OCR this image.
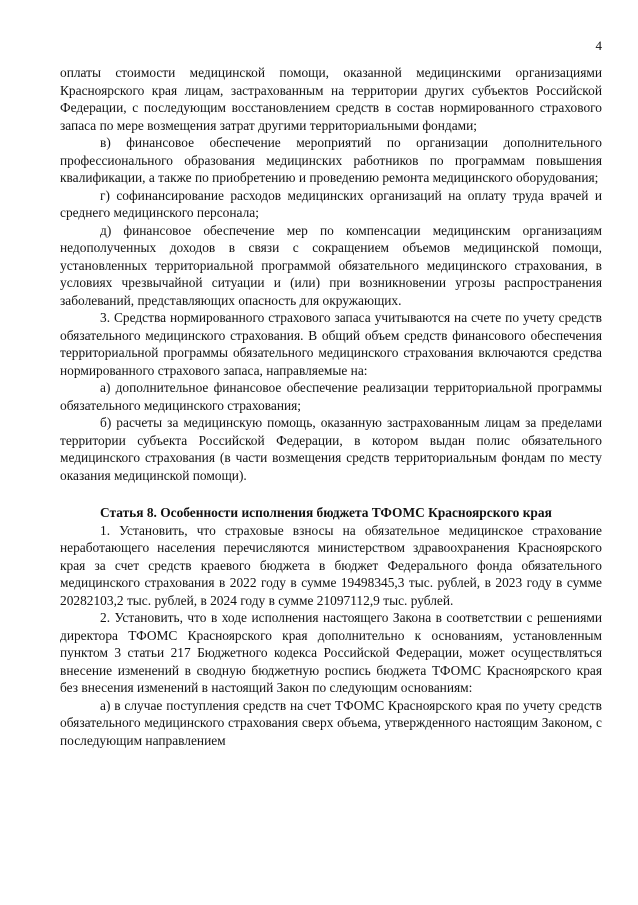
4

оплаты стоимости медицинской помощи, оказанной медицинскими организациями Красноярского края лицам, застрахованным на территории других субъектов Российской Федерации, с последующим восстановлением средств в состав нормированного страхового запаса по мере возмещения затрат другими территориальными фондами;

в) финансовое обеспечение мероприятий по организации дополнительного профессионального образования медицинских работников по программам повышения квалификации, а также по приобретению и проведению ремонта медицинского оборудования;

г) софинансирование расходов медицинских организаций на оплату труда врачей и среднего медицинского персонала;

д) финансовое обеспечение мер по компенсации медицинским организациям недополученных доходов в связи с сокращением объемов медицинской помощи, установленных территориальной программой обязательного медицинского страхования, в условиях чрезвычайной ситуации и (или) при возникновении угрозы распространения заболеваний, представляющих опасность для окружающих.

3. Средства нормированного страхового запаса учитываются на счете по учету средств обязательного медицинского страхования. В общий объем средств финансового обеспечения территориальной программы обязательного медицинского страхования включаются средства нормированного страхового запаса, направляемые на:

а) дополнительное финансовое обеспечение реализации территориальной программы обязательного медицинского страхования;

б) расчеты за медицинскую помощь, оказанную застрахованным лицам за пределами территории субъекта Российской Федерации, в котором выдан полис обязательного медицинского страхования (в части возмещения средств территориальным фондам по месту оказания медицинской помощи).

Статья 8. Особенности исполнения бюджета ТФОМС Красноярского края

1. Установить, что страховые взносы на обязательное медицинское страхование неработающего населения перечисляются министерством здравоохранения Красноярского края за счет средств краевого бюджета в бюджет Федерального фонда обязательного медицинского страхования в 2022 году в сумме 19498345,3 тыс. рублей, в 2023 году в сумме 20282103,2 тыс. рублей, в 2024 году в сумме 21097112,9 тыс. рублей.

2. Установить, что в ходе исполнения настоящего Закона в соответствии с решениями директора ТФОМС Красноярского края дополнительно к основаниям, установленным пунктом 3 статьи 217 Бюджетного кодекса Российской Федерации, может осуществляться внесение изменений в сводную бюджетную роспись бюджета ТФОМС Красноярского края без внесения изменений в настоящий Закон по следующим основаниям:

а) в случае поступления средств на счет ТФОМС Красноярского края по учету средств обязательного медицинского страхования сверх объема, утвержденного настоящим Законом, с последующим направлением
